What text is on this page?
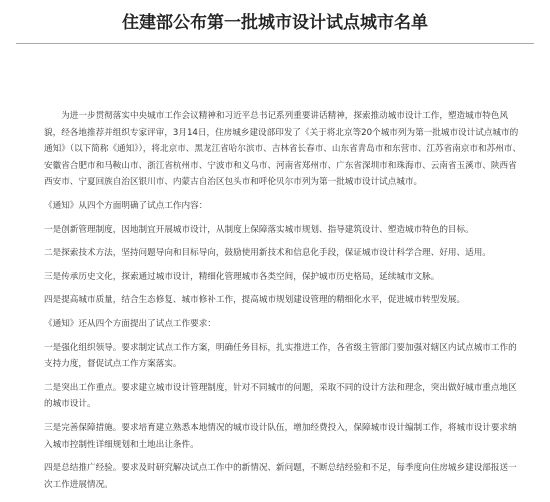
住建部公布第一批城市设计试点城市名单

　　为进一步贯彻落实中央城市工作会议精神和习近平总书记系列重要讲话精神，探索推动城市设计工作，塑造城市特色风貌，经各地推荐并组织专家评审，3月14日，住房城乡建设部印发了《关于将北京等20个城市列为第一批城市设计试点城市的通知》（以下简称《通知》），将北京市、黑龙江省哈尔滨市、吉林省长春市、山东省青岛市和东营市、江苏省南京市和苏州市、安徽省合肥市和马鞍山市、浙江省杭州市、宁波市和义乌市、河南省郑州市、广东省深圳市和珠海市、云南省玉溪市、陕西省西安市、宁夏回族自治区银川市、内蒙古自治区包头市和呼伦贝尔市列为第一批城市设计试点城市。

《通知》从四个方面明确了试点工作内容：

一是创新管理制度，因地制宜开展城市设计，从制度上保障落实城市规划、指导建筑设计、塑造城市特色的目标。

二是探索技术方法，坚持问题导向和目标导向，鼓励使用新技术和信息化手段，保证城市设计科学合理、好用、适用。

三是传承历史文化，探索通过城市设计，精细化管理城市各类空间，保护城市历史格局，延续城市文脉。

四是提高城市质量，结合生态修复、城市修补工作，提高城市规划建设管理的精细化水平，促进城市转型发展。

《通知》还从四个方面提出了试点工作要求：

一是强化组织领导。要求制定试点工作方案，明确任务目标，扎实推进工作，各省级主管部门要加强对辖区内试点城市工作的支持力度，督促试点工作方案落实。

二是突出工作重点。要求建立城市设计管理制度，针对不同城市的问题，采取不同的设计方法和理念，突出做好城市重点地区的城市设计。

三是完善保障措施。要求培育建立熟悉本地情况的城市设计队伍，增加经费投入，保障城市设计编制工作，将城市设计要求纳入城市控制性详细规划和土地出让条件。

四是总结推广经验。要求及时研究解决试点工作中的新情况、新问题，不断总结经验和不足，每季度向住房城乡建设部报送一次工作进展情况。
